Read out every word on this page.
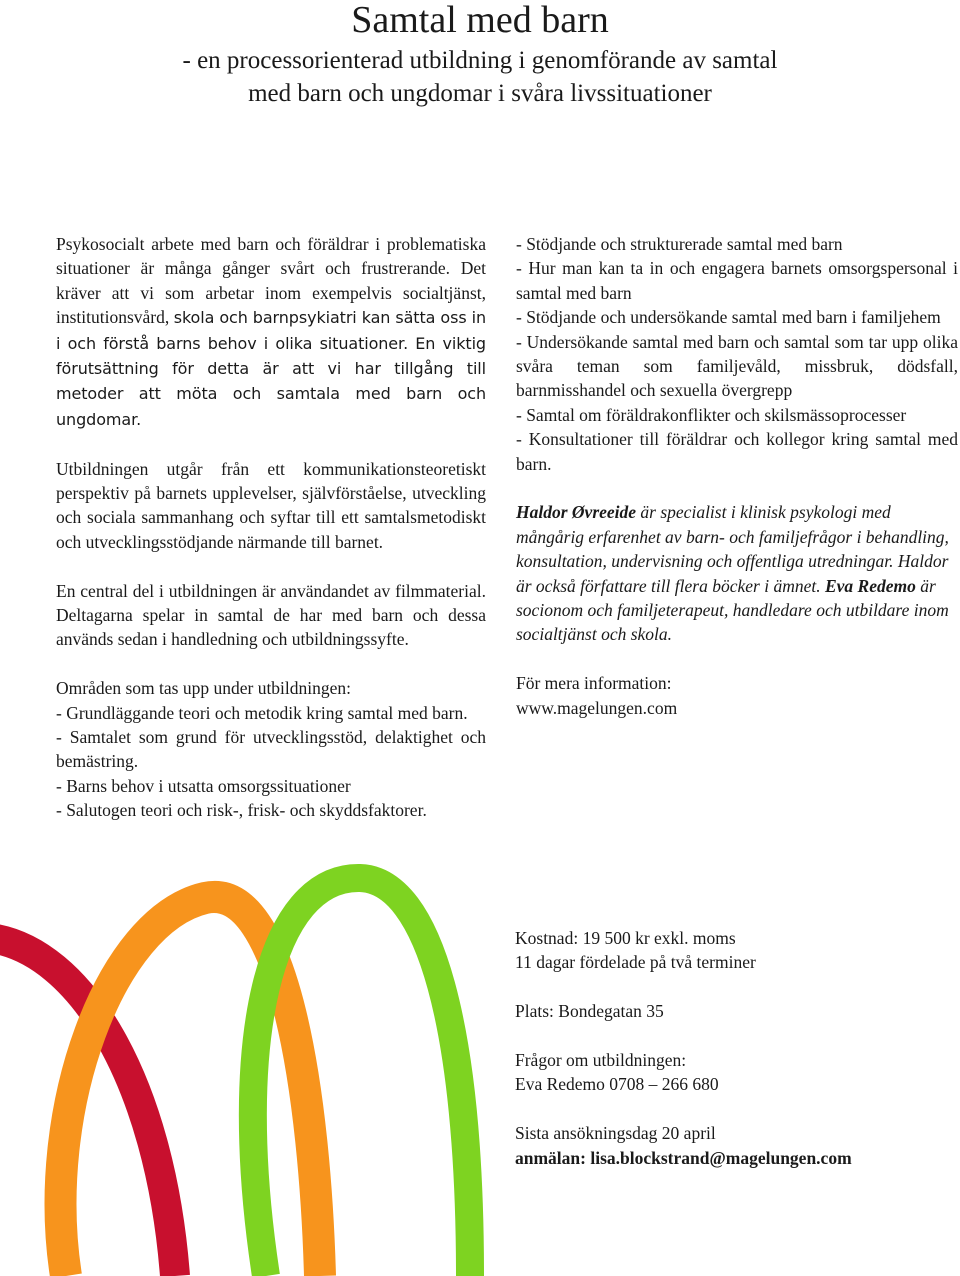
Samtal med barn
- en processorienterad utbildning i genomförande av samtal
med barn och ungdomar i svåra livssituationer

Psykosocialt arbete med barn och föräldrar i problematiska situationer är många gånger svårt och frustrerande. Det kräver att vi som arbetar inom exempelvis socialtjänst, institutionsvård, skola och barnpsykiatri kan sätta oss in i och förstå barns behov i olika situationer. En viktig förutsättning för detta är att vi har tillgång till metoder att möta och samtala med barn och ungdomar.

Utbildningen utgår från ett kommunikationsteoretiskt perspektiv på barnets upplevelser, självförståelse, utveckling och sociala sammanhang och syftar till ett samtalsmetodiskt och utvecklingsstödjande närmande till barnet.

En central del i utbildningen är användandet av filmmaterial. Deltagarna spelar in samtal de har med barn och dessa används sedan i handledning och utbildningssyfte.

Områden som tas upp under utbildningen:
- Grundläggande teori och metodik kring samtal med barn.
- Samtalet som grund för utvecklingsstöd, delaktighet och bemästring.
- Barns behov i utsatta omsorgssituationer
- Salutogen teori och risk-, frisk- och skyddsfaktorer.

- Stödjande och strukturerade samtal med barn
- Hur man kan ta in och engagera barnets omsorgspersonal i samtal med barn
- Stödjande och undersökande samtal med barn i familjehem
- Undersökande samtal med barn och samtal som tar upp olika svåra teman som familjevåld, missbruk, dödsfall, barnmisshandel och sexuella övergrepp
- Samtal om föräldrakonflikter och skilsmässoprocesser
- Konsultationer till föräldrar och kollegor kring samtal med barn.

Haldor Øvreeide är specialist i klinisk psykologi med mångårig erfarenhet av barn- och familjefrågor i behandling, konsultation, undervisning och offentliga utredningar. Haldor är också författare till flera böcker i ämnet. Eva Redemo är socionom och familjeterapeut, handledare och utbildare inom socialtjänst och skola.

För mera information:
www.magelungen.com

Kostnad: 19 500 kr exkl. moms
11 dagar fördelade på två terminer

Plats: Bondegatan 35

Frågor om utbildningen:
Eva Redemo 0708 – 266 680

Sista ansökningsdag 20 april
anmälan: lisa.blockstrand@magelungen.com
